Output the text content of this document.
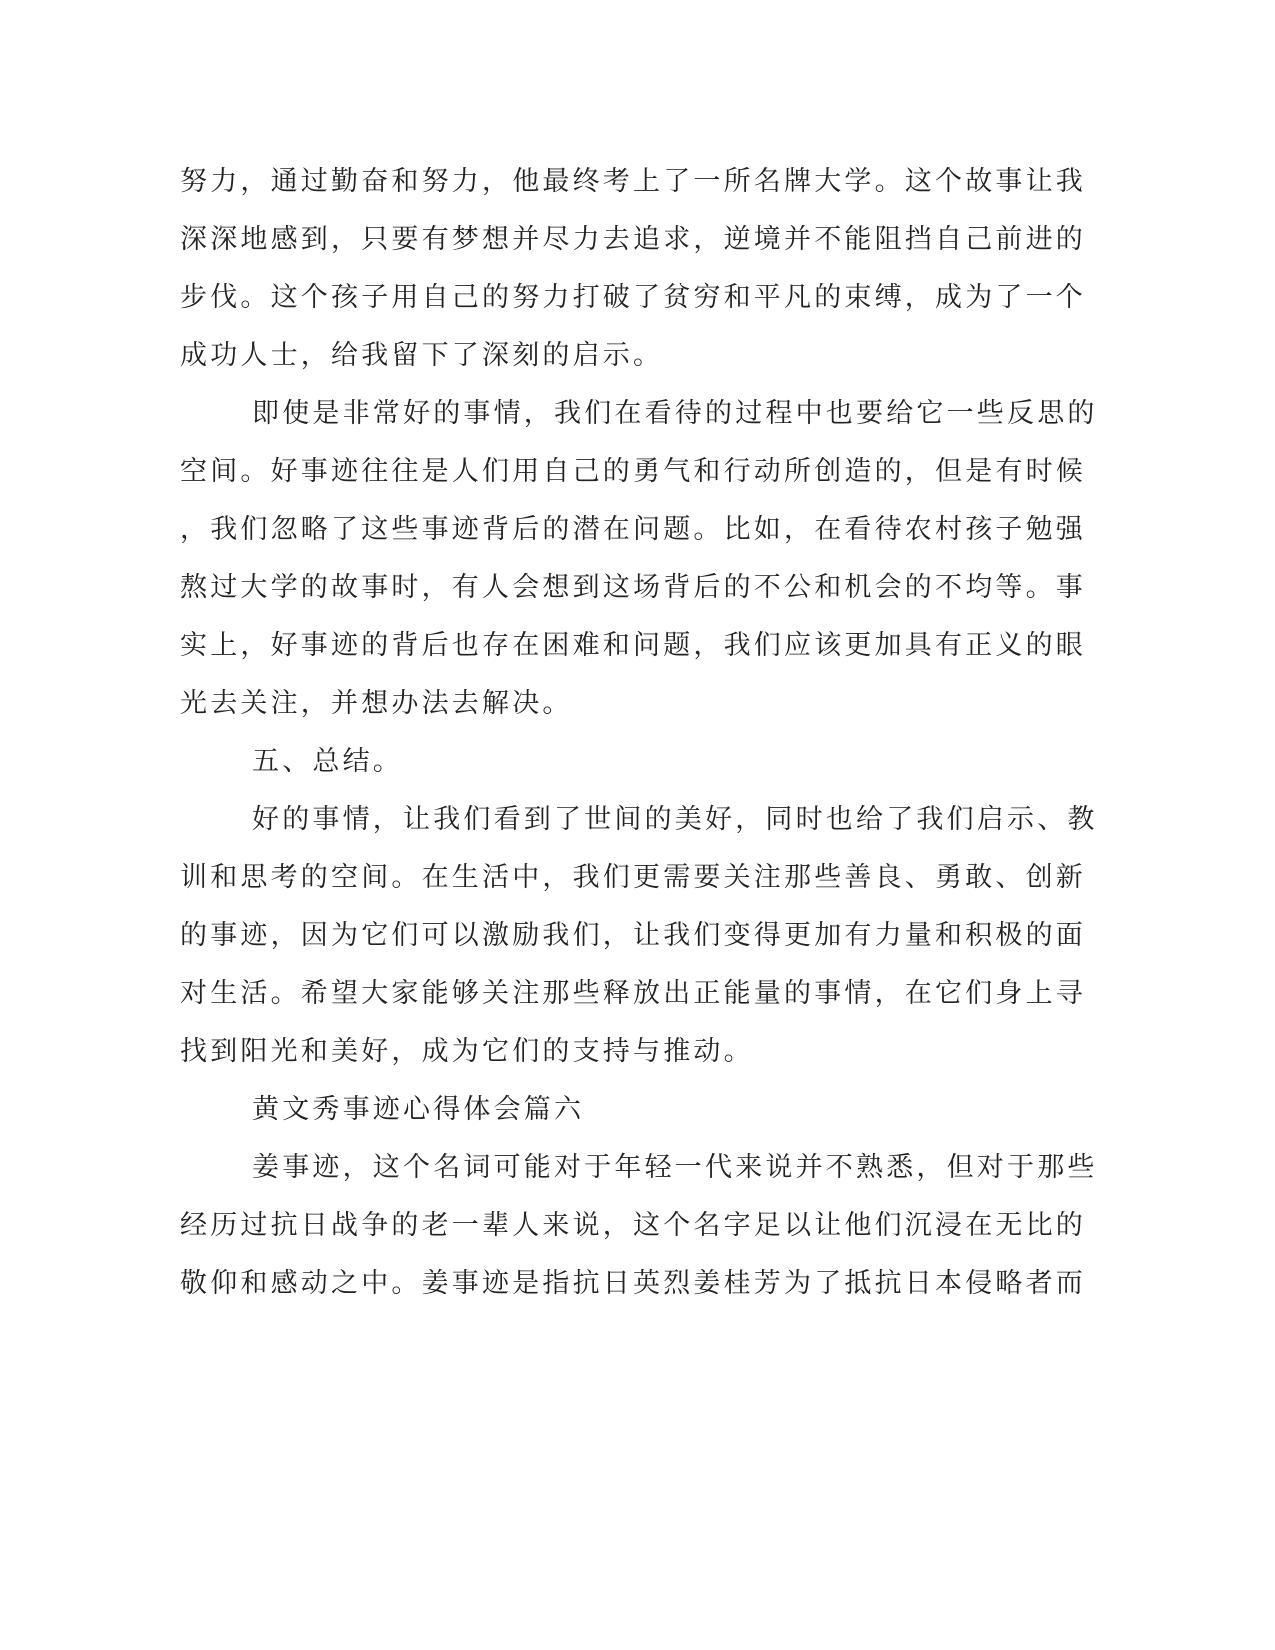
努力，通过勤奋和努力，他最终考上了一所名牌大学。这个故事让我
深深地感到，只要有梦想并尽力去追求，逆境并不能阻挡自己前进的
步伐。这个孩子用自己的努力打破了贫穷和平凡的束缚，成为了一个
成功人士，给我留下了深刻的启示。
即使是非常好的事情，我们在看待的过程中也要给它一些反思的
空间。好事迹往往是人们用自己的勇气和行动所创造的，但是有时候
，我们忽略了这些事迹背后的潜在问题。比如，在看待农村孩子勉强
熬过大学的故事时，有人会想到这场背后的不公和机会的不均等。事
实上，好事迹的背后也存在困难和问题，我们应该更加具有正义的眼
光去关注，并想办法去解决。
五、总结。
好的事情，让我们看到了世间的美好，同时也给了我们启示、教
训和思考的空间。在生活中，我们更需要关注那些善良、勇敢、创新
的事迹，因为它们可以激励我们，让我们变得更加有力量和积极的面
对生活。希望大家能够关注那些释放出正能量的事情，在它们身上寻
找到阳光和美好，成为它们的支持与推动。
黄文秀事迹心得体会篇六
姜事迹，这个名词可能对于年轻一代来说并不熟悉，但对于那些
经历过抗日战争的老一辈人来说，这个名字足以让他们沉浸在无比的
敬仰和感动之中。姜事迹是指抗日英烈姜桂芳为了抵抗日本侵略者而
